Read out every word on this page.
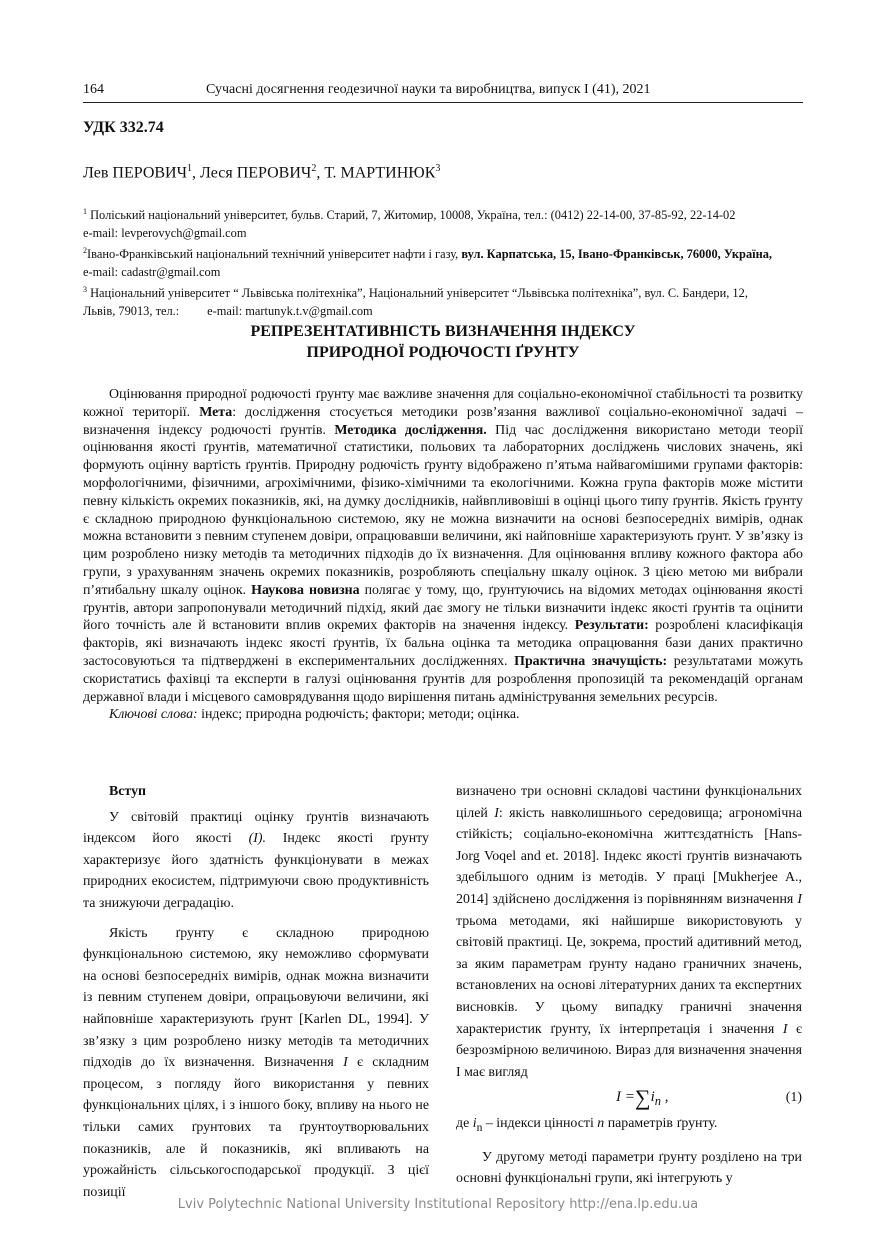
164	Сучасні досягнення геодезичної науки та виробництва, випуск I (41), 2021
УДК 332.74
Лев ПЕРОВИЧ$^1$, Леся ПЕРОВИЧ$^2$, Т. МАРТИНЮК$^3$

$^1$ Поліський національний університет, бульв. Старий, 7, Житомир, 10008, Україна, тел.: (0412) 22-14-00, 37-85-92, 22-14-02
e-mail: levperovych@gmail.com

$^2$Івано-Франківський національний технічний університет нафти і газу, вул. Карпатська, 15, Івано-Франківськ, 76000, Україна,
e-mail: cadastr@gmail.com

$^3$ Національний університет “ Львівська політехніка”, Національний університет “Львівська політехніка”, вул. С. Бандери, 12,
Львів, 79013, тел.: e-mail: martunyk.t.v@gmail.com

РЕПРЕЗЕНТАТИВНІСТЬ ВИЗНАЧЕННЯ ІНДЕКСУ
ПРИРОДНОЇ РОДЮЧОСТІ ҐРУНТУ

Оцінювання природної родючості ґрунту має важливе значення для соціально-економічної стабільності та розвитку кожної території. Мета: дослідження стосується методики розв’язання важливої соціально-економічної задачі – визначення індексу родючості ґрунтів. Методика дослідження. Під час дослідження використано методи теорії оцінювання якості ґрунтів, математичної статистики, польових та лабораторних досліджень числових значень, які формують оцінну вартість ґрунтів. Природну родючість ґрунту відображено п’ятьма найвагомішими групами факторів: морфологічними, фізичними, агрохімічними, фізико-хімічними та екологічними. Кожна група факторів може містити певну кількість окремих показників, які, на думку дослідників, найвпливовіші в оцінці цього типу ґрунтів. Якість ґрунту є складною природною функціональною системою, яку не можна визначити на основі безпосередніх вимірів, однак можна встановити з певним ступенем довіри, опрацювавши величини, які найповніше характеризують ґрунт. У зв’язку із цим розроблено низку методів та методичних підходів до їх визначення. Для оцінювання впливу кожного фактора або групи, з урахуванням значень окремих показників, розробляють спеціальну шкалу оцінок. З цією метою ми вибрали п’ятибальну шкалу оцінок. Наукова новизна полягає у тому, що, ґрунтуючись на відомих методах оцінювання якості ґрунтів, автори запропонували методичний підхід, який дає змогу не тільки визначити індекс якості ґрунтів та оцінити його точність але й встановити вплив окремих факторів на значення індексу. Результати: розроблені класифікація факторів, які визначають індекс якості ґрунтів, їх бальна оцінка та методика опрацювання бази даних практично застосовуються та підтверджені в експериментальних дослідженнях. Практична значущість: результатами можуть скористатись фахівці та експерти в галузі оцінювання ґрунтів для розроблення пропозицій та рекомендацій органам державної влади і місцевого самоврядування щодо вирішення питань адміністрування земельних ресурсів.

Ключові слова: індекс; природна родючість; фактори; методи; оцінка.

Вступ

У світовій практиці оцінку ґрунтів визначають індексом його якості (I). Індекс якості ґрунту характеризує його здатність функціонувати в межах природних екосистем, підтримуючи свою продуктивність та знижуючи деградацію.

Якість ґрунту є складною природною функціональною системою, яку неможливо сформувати на основі безпосередніх вимірів, однак можна визначити із певним ступенем довіри, опрацьовуючи величини, які найповніше характеризують ґрунт [Karlen DL, 1994]. У зв’язку з цим розроблено низку методів та методичних підходів до їх визначення. Визначення I є складним процесом, з погляду його використання у певних функціональних цілях, і з іншого боку, впливу на нього не тільки самих ґрунтових та ґрунтоутворювальних показників, але й показників, які впливають на урожайність сільськогосподарської продукції. З цієї позиції

визначено три основні складові частини функціональних цілей I: якість навколишнього середовища; агрономічна стійкість; соціально-економічна життєздатність [Hans-Jorg Voqel and et. 2018]. Індекс якості ґрунтів визначають здебільшого одним із методів. У праці [Mukherjee A., 2014] здійснено дослідження із порівнянням визначення I трьома методами, які найширше використовують у світовій практиці. Це, зокрема, простий адитивний метод, за яким параметрам ґрунту надано граничних значень, встановлених на основі літературних даних та експертних висновків. У цьому випадку граничні значення характеристик ґрунту, їх інтерпретація і значення I є безрозмірною величиною. Вираз для визначення значення I має вигляд

$I =\sum i_n$ ,	(1)

де $i_n$ – індекси цінності n параметрів ґрунту.

У другому методі параметри ґрунту розділено на три основні функціональні групи, які інтегрують у

Lviv Polytechnic National University Institutional Repository http://ena.lp.edu.ua
